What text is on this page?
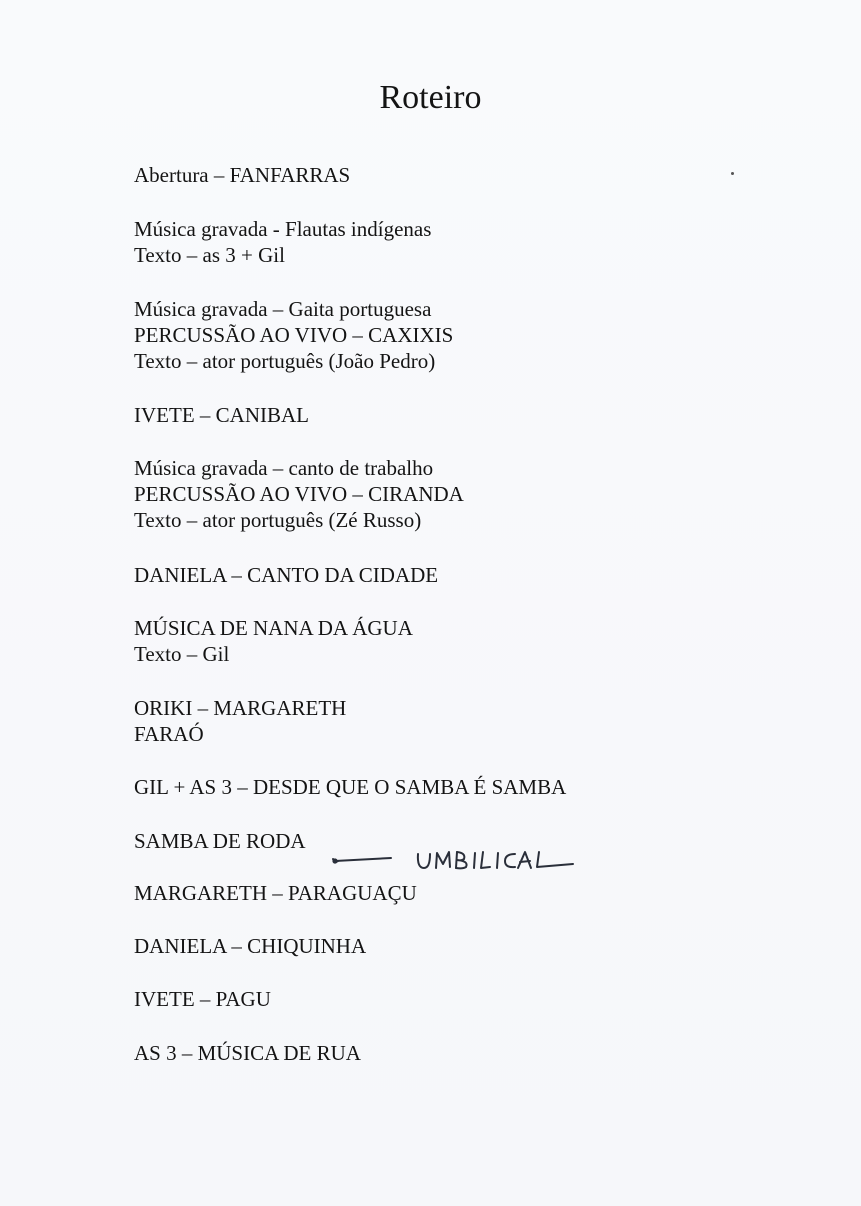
Roteiro
Abertura – FANFARRAS
Música gravada - Flautas indígenas
Texto – as 3 + Gil
Música gravada – Gaita portuguesa
PERCUSSÃO AO VIVO – CAXIXIS
Texto – ator português (João Pedro)
IVETE – CANIBAL
Música gravada – canto de trabalho
PERCUSSÃO AO VIVO – CIRANDA
Texto – ator português (Zé Russo)
DANIELA – CANTO DA CIDADE
MÚSICA DE NANA DA ÁGUA
Texto – Gil
ORIKI – MARGARETH
FARAÓ
GIL + AS 3 – DESDE QUE O SAMBA É SAMBA
SAMBA DE RODA
MARGARETH – PARAGUAÇU
DANIELA – CHIQUINHA
IVETE – PAGU
AS 3 – MÚSICA DE RUA
